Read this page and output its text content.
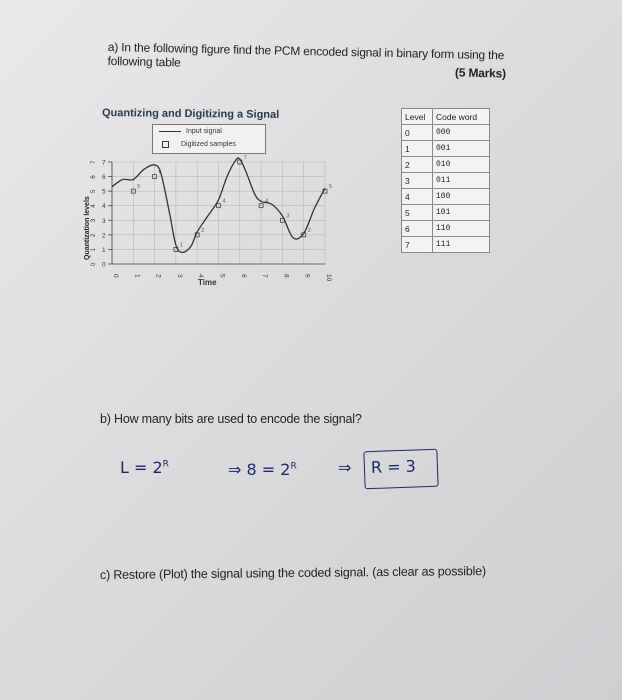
a) In the following figure find the PCM encoded signal in binary form using the following table
(5 Marks)
Quantizing and Digitizing a Signal
Input signal
Digitized samples
0
0
1
1
2
2
3
3
4
4
5
5
6
6
7
7
0 1 2 3 4 5 6 7 8 9 10
5
6
1
2
4
7
4
3
2
5
Quantization levels
Time
Level	Code word
0	000
1	001
2	010
3	011
4	100
5	101
6	110
7	111
b) How many bits are used to encode the signal?
$L = 2^R$	⇒ $8 = 2^R$	⇒ R = 3
c) Restore (Plot) the signal using the coded signal. (as clear as possible)
